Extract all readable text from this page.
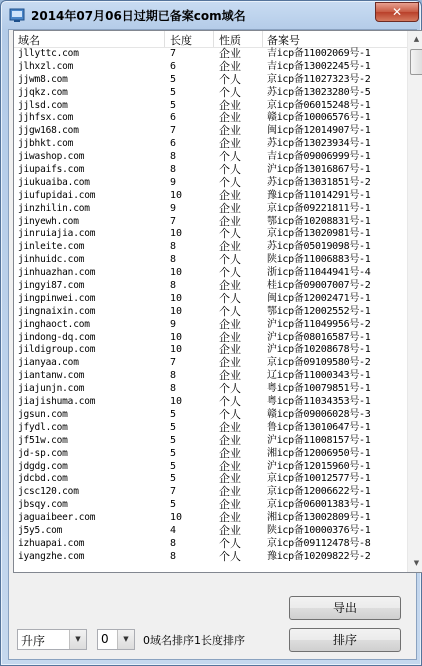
2014年07月06日过期已备案com域名	✕
域名	长度 性质 备案号
jllyttc.com	7	企业	吉icp备11002069号-1
jlhxzl.com	6	企业	吉icp备13002245号-1
jjwm8.com	5	个人	京icp备11027323号-2
jjqkz.com	5	个人	苏icp备13023280号-5
jjlsd.com	5	企业	京icp备06015248号-1
jjhfsx.com	6	企业	赣icp备10006576号-1
jjgw168.com	7	企业	闽icp备12014907号-1
jjbhkt.com	6	企业	苏icp备13023934号-1
jiwashop.com	8	个人	吉icp备09006999号-1
jiupaifs.com	8	个人	沪icp备13016867号-1
jiukuaiba.com	9	个人	苏icp备13031851号-2
jiufupidai.com	10	企业	豫icp备11014291号-1
jinzhilin.com	9	企业	京icp备09221811号-1
jinyewh.com	7	企业	鄂icp备10208831号-1
jinruiajia.com	10	个人	京icp备13020981号-1
jinleite.com	8	企业	苏icp备05019098号-1
jinhuidc.com	8	个人	陕icp备11006883号-1
jinhuazhan.com	10	个人	浙icp备11044941号-4
jingyi87.com	8	企业	桂icp备09007007号-2
jingpinwei.com	10	个人	闽icp备12002471号-1
jingnaixin.com	10	个人	鄂icp备12002552号-1
jinghaoct.com	9	企业	沪icp备11049956号-2
jindong-dq.com	10	企业	沪icp备08016587号-1
jildigroup.com	10	企业	沪icp备10208678号-1
jianyaa.com	7	企业	京icp备09109580号-2
jiantanw.com	8	企业	辽icp备11000343号-1
jiajunjn.com	8	个人	粤icp备10079851号-1
jiajishuma.com	10	个人	粤icp备11034353号-1
jgsun.com	5	个人	赣icp备09006028号-3
jfydl.com	5	企业	鲁icp备13010647号-1
jf51w.com	5	企业	沪icp备11008157号-1
jd-sp.com	5	企业	湘icp备12006950号-1
jdgdg.com	5	企业	沪icp备12015960号-1
jdcbd.com	5	企业	京icp备10012577号-1
jcsc120.com	7	企业	京icp备12006622号-1
jbsqy.com	5	企业	京icp备06001383号-1
jaguaibeer.com	10	企业	湘icp备13002809号-1
j5y5.com	4	企业	陕icp备10000376号-1
izhuapai.com	8	个人	京icp备09112478号-8
iyangzhe.com	8	个人	豫icp备10209822号-2
▲
▼
导出
排序
升序	▼	0	▼	0域名排序1长度排序
